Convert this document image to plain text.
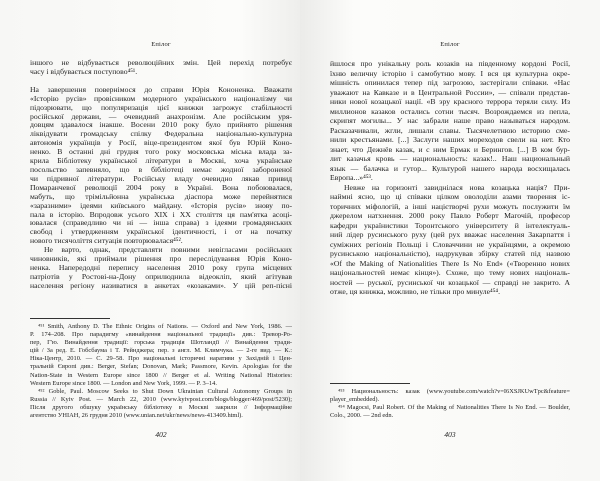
Епілог
іншого не відбувається революційних змін. Цей перехід потребує
часу і відбувається поступово⁴⁵¹.
На завершення повернімося до справи Юрія Кононенка. Вважати
«Історію русів» провісником модерного українського націоналізму чи
підозрювати, що популяризація цієї книжки загрожує стабільності
російської держави, — очевидний анахронізм. Але російським уря-
довцям здавалося інакше. Восени 2010 року було прийнято рішення
ліквідувати громадську спілку Федеральна національно-культурна
автономія українців у Росії, віце-президентом якої був Юрій Коно-
ненко. В останні дні грудня того року московська міська влада за-
крила Бібліотеку української літератури в Москві, хоча українське
посольство запевняло, що в бібліотеці немає жодної забороненої
чи підривної літератури. Російську владу очевидно лякав привид
Помаранчевої революції 2004 року в Україні. Вона побоювалася,
мабуть, що трімільйонна українська діаспора може перейнятися
«заразними» ідеями київського майдану. «Історія русів» знову по-
пала в історію. Впродовж усього XIX і XX століття ця пам'ятка асоці-
ювалася (справедливо чи ні — інша справа) з ідеями громадянських
свобод і утвердженням української ідентичності, і от на початку
нового тисячоліття ситуація повторювалася⁴⁵².
Не варто, однак, представляти повними невігласами російських
чиновників, які приймали рішення про переслідування Юрія Коно-
ненка. Напередодні перепису населення 2010 року група місцевих
патріотів у Ростові-на-Дону оприлюднила відеокліп, який агітував
населення регіону називатися в анкетах «козаками». У цій реп-пісні
⁴⁵¹ Smith, Anthony D. The Ethnic Origins of Nations. — Oxford and New York, 1986. —
P. 174–208. Про парадигму «винайдення національної традиції» див.: Тревор-Ро-
пер, Г'ю. Винайдення традиції: горська традиція Шотландії // Винайдення тради-
цій / За ред. Е. Гобсбаума і Т. Рейнджера; пер. з англ. М. Климчука. — 2-ге вид. — К.:
Ніка-Центр, 2010. — С. 29–58. Про національні історичні наративи у Західній і Цен-
тральній Європі див.: Berger, Stefan; Donovan, Mark; Passmore, Kevin. Apologias for the
Nation-State in Western Europe since 1800 // Berger et al. Writing National Histories:
Western Europe since 1800. — London and New York, 1999. — P. 3–14.
⁴⁵² Goble, Paul. Moscow Seeks to Shut Down Ukrainian Cultural Autonomy Groups in
Russia // Kyiv Post. — March 22, 2010 (www.kyivpost.com/blogs/blogger/469/post/5230);
Після другого обшуку українську бібліотеку в Москві закрили // Інформаційне
агентство УНІАН, 26 грудня 2010 (www.unian.net/ukr/news/news-413409.html).
402
Епілог
йшлося про унікальну роль козаків на південному кордоні Росії,
їхню величну історію і самобутню мову. І вся ця культурна окре-
мішність опинилася тепер під загрозою, застерігали співаки. «Нас
уважают на Кавказе и в Центральной России», — співали представ-
ники нової козацької нації. «В эру красного террора теряли силу. Из
миллионов казаков остались сотни тысяч. Возрождаемся из пепла,
скрипят могилы... У нас забрали наше право называться народом.
Расказачивали, жгли, лишали славы. Тысячелетнюю историю сме-
нили крестьянами. [...] Заслуги наших мореходов свели на нет. Кто
знает, что Дежнёв казак, и с ним Ермак и Берингов. [...] В ком бур-
лит казачья кровь — национальность: казак!.. Наш национальный
язык — балачка и гутор... Культурой нашего народа восхищалась
Европа...»⁴⁵³.
Невже на горизонті завиднілася нова козацька нація? При-
наймні ясно, що ці співаки цілком оволоділи азами творення іс-
торичних міфологій, а інші націєтворчі рухи можуть послужити їм
джерелом натхнення. 2000 року Павло Роберт Магочій, професор
кафедри українистики Торонтського університету й інтелектуаль-
ний лідер русинського руху (цей рух вважає населення Закарпаття і
суміжних регіонів Польщі і Словаччини не українцями, а окремою
русинською національністю), надрукував збірку статей під назвою
«Of the Making of Nationalities There Is No End» («Творенню нових
національностей немає кінця»). Схоже, що тему нових національ-
ностей — руської, русинської чи козацької — справді не закрито. А
отже, ця книжка, можливо, не тільки про минуле⁴⁵⁴.
⁴⁵³ Национальность: казак (www.youtube.com/watch?v=I6XSJKUwTpc&feature=
player_embedded).
⁴⁵⁴ Magocsi, Paul Robert. Of the Making of Nationalities There Is No End. — Boulder,
Colo., 2000. — 2nd edn.
403
